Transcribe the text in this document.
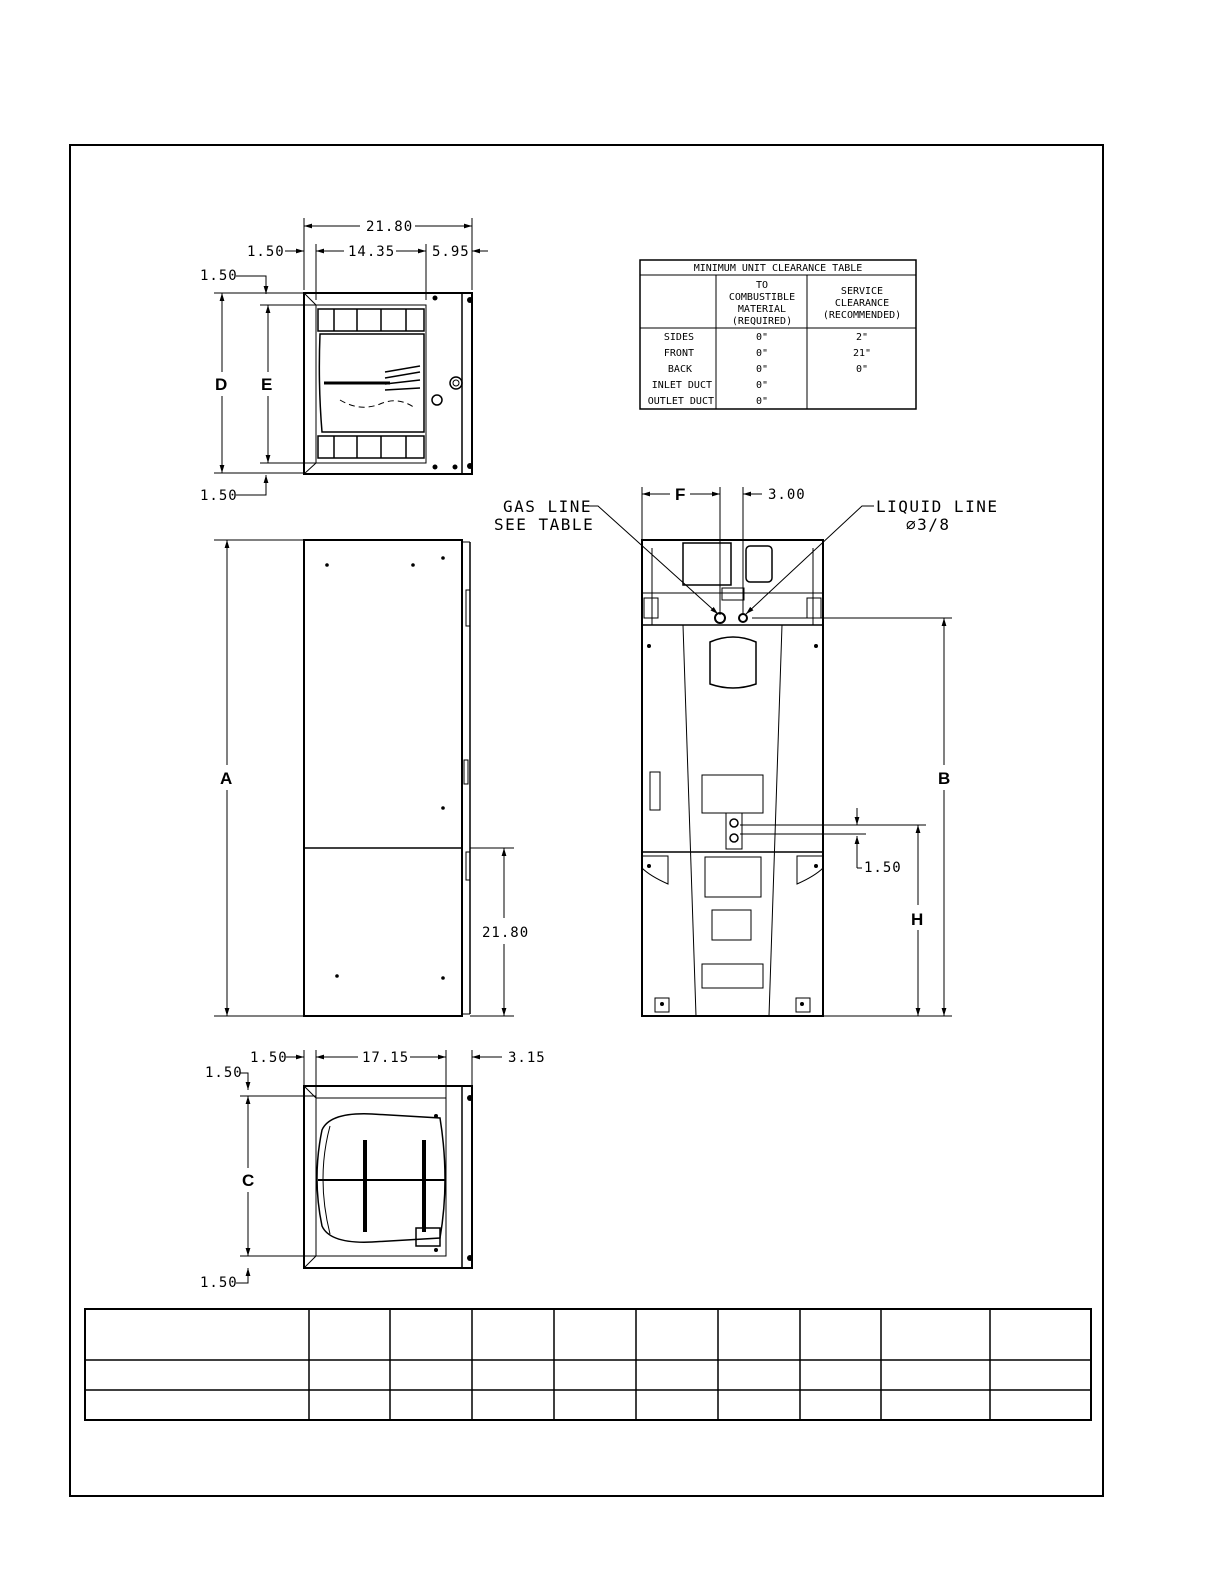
21.80
1.50	14.35	5.95
1.50
1.50
D E
A
21.80
1.50	17.15	3.15
1.50
1.50
C
MINIMUM UNIT CLEARANCE TABLE
TO
COMBUSTIBLE
MATERIAL
(REQUIRED)
SERVICE
CLEARANCE
(RECOMMENDED)
SIDES	0"	2"
FRONT	0"	21"
BACK	0"	0"
INLET DUCT	0"
OUTLET DUCT	0"
F	3.00
GAS LINE
SEE TABLE
LIQUID LINE
∅3/8
B
H
1.50
